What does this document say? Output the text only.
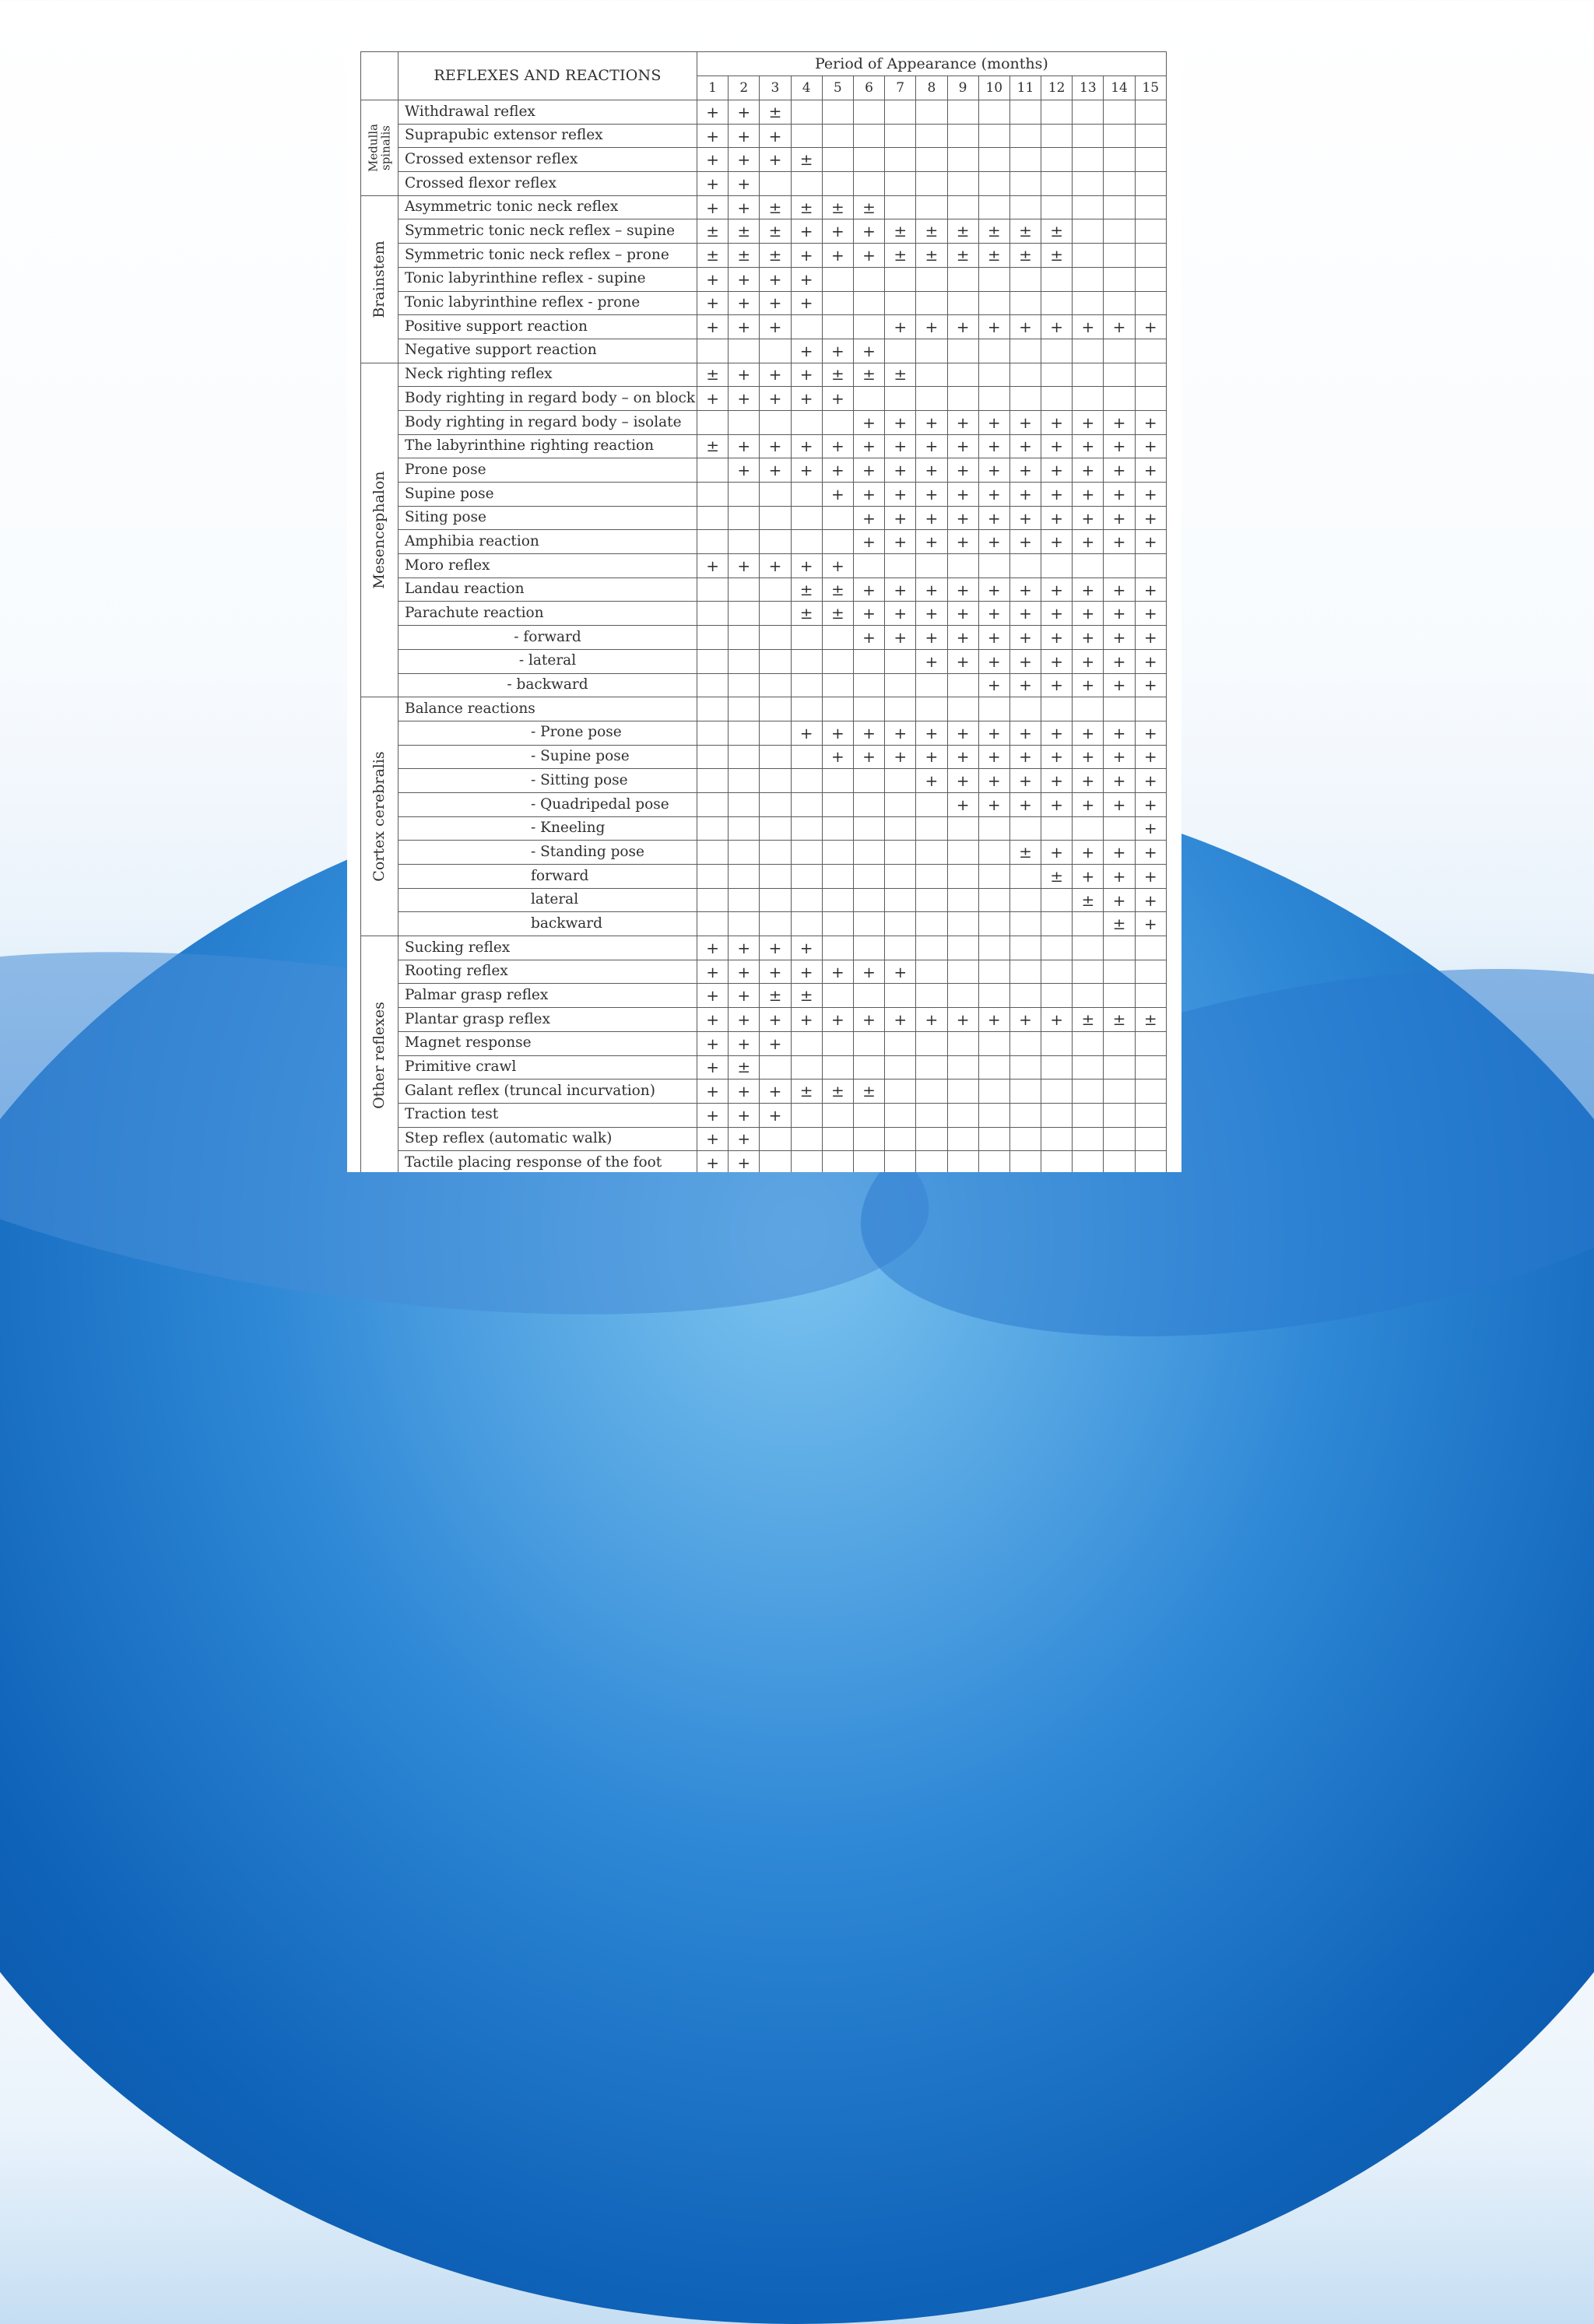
	REFLEXES AND REACTIONS	Period of Appearance (months)														
		1	2	3	4	5	6	7	8	9	10	11	12	13	14	15

Medulla spinalis	Withdrawal reflex	+	+	±												
	Suprapubic extensor reflex	+	+	+												
	Crossed extensor reflex	+	+	+	±											
	Crossed flexor reflex	+	+													

Brainstem	Asymmetric tonic neck reflex	+	+	±	±	±	±									
	Symmetric tonic neck reflex – supine	±	±	±	+	+	+	±	±	±	±	±	±			
	Symmetric tonic neck reflex – prone	±	±	±	+	+	+	±	±	±	±	±	±			
	Tonic labyrinthine reflex - supine	+	+	+	+											
	Tonic labyrinthine reflex - prone	+	+	+	+											
	Positive support reaction	+	+	+				+	+	+	+	+	+	+	+	+
	Negative support reaction				+	+	+									

Mesencephalon	Neck righting reflex	±	+	+	+	±	±	±								
	Body righting in regard body – on block	+	+	+	+	+										
	Body righting in regard body – isolate						+	+	+	+	+	+	+	+	+	+
	The labyrinthine righting reaction	±	+	+	+	+	+	+	+	+	+	+	+	+	+	+
	Prone pose		+	+	+	+	+	+	+	+	+	+	+	+	+	+
	Supine pose					+	+	+	+	+	+	+	+	+	+	+
	Siting pose						+	+	+	+	+	+	+	+	+	+
	Amphibia reaction						+	+	+	+	+	+	+	+	+	+
	Moro reflex	+	+	+	+	+										
	Landau reaction				±	±	+	+	+	+	+	+	+	+	+	+
	Parachute reaction				±	±	+	+	+	+	+	+	+	+	+	+
	- forward						+	+	+	+	+	+	+	+	+	+
	- lateral								+	+	+	+	+	+	+	+
	- backward										+	+	+	+	+	+

Cortex cerebralis	Balance reactions															
	- Prone pose				+	+	+	+	+	+	+	+	+	+	+	+
	- Supine pose					+	+	+	+	+	+	+	+	+	+	+
	- Sitting pose								+	+	+	+	+	+	+	+
	- Quadripedal pose									+	+	+	+	+	+	+
	- Kneeling															+
	- Standing pose											±	+	+	+	+
	forward												±	+	+	+
	lateral													±	+	+
	backward														±	+

Other reflexes	Sucking reflex	+	+	+	+											
	Rooting reflex	+	+	+	+	+	+	+								
	Palmar grasp reflex	+	+	±	±											
	Plantar grasp reflex	+	+	+	+	+	+	+	+	+	+	+	+	±	±	±
	Magnet response	+	+	+												
	Primitive crawl	+	±													
	Galant reflex (truncal incurvation)	+	+	+	±	±	±									
	Traction test	+	+	+												
	Step reflex (automatic walk)	+	+													
	Tactile placing response of the foot	+	+													
